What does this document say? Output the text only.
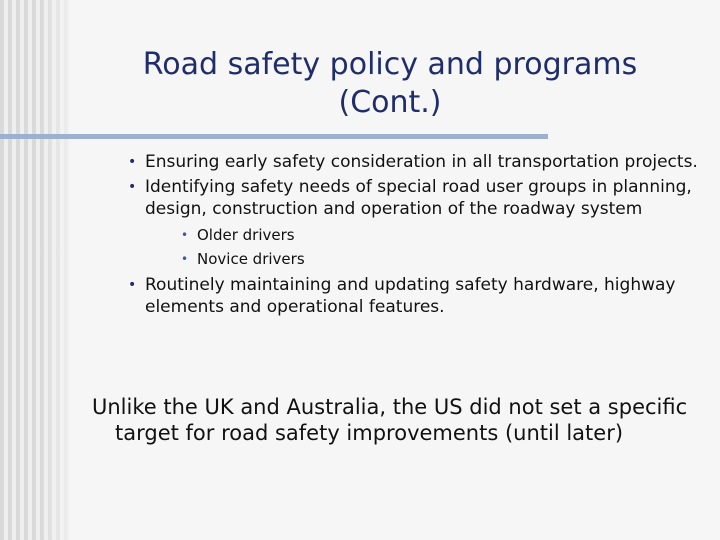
Road safety policy and programs
(Cont.)
• Ensuring early safety consideration in all transportation projects.
• Identifying safety needs of special road user groups in planning, design, construction and operation of the roadway system
• Older drivers
• Novice drivers
• Routinely maintaining and updating safety hardware, highway elements and operational features.

Unlike the UK and Australia, the US did not set a specific target for road safety improvements (until later)
